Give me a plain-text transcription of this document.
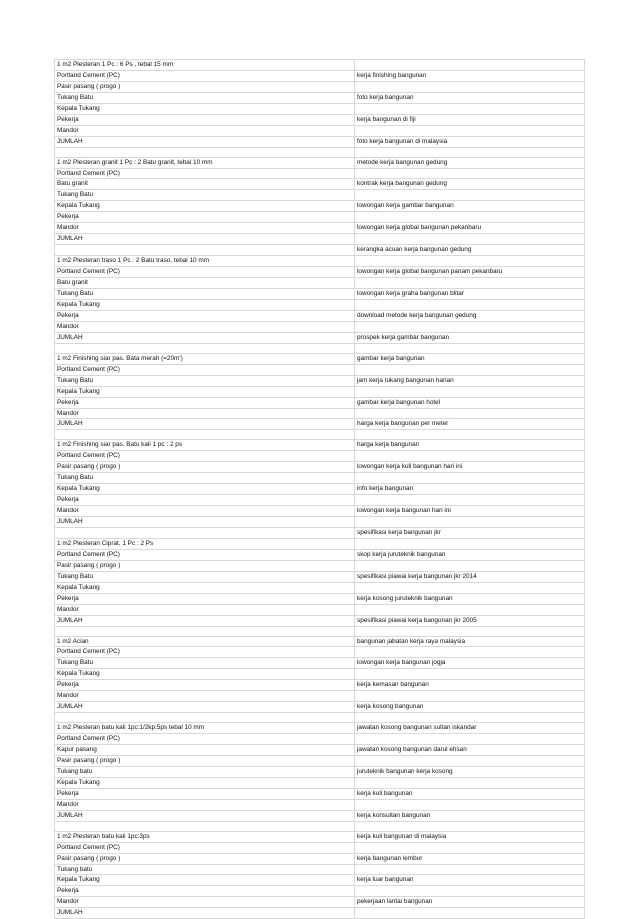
1 m2 Plesteran 1 Pc : 6 Ps , tebal 15 mm	
Portland Cement (PC)	kerja finishing bangunan
Pasir pasang ( progo )	
Tukang Batu	foto kerja bangunan
Kepala Tukang	
Pekerja	kerja bangunan di fiji
Mandor	
JUMLAH	foto kerja bangunan di malaysia

1 m2 Plesteran granit 1 Pc : 2 Batu granit, tebal 10 mm	metode kerja bangunan gedung
Portland Cement (PC)	
Batu granit	kontrak kerja bangunan gedung
Tukang Batu	
Kepala Tukang	lowongan kerja gambar bangunan
Pekerja	
Mandor	lowongan kerja global bangunan pekanbaru
JUMLAH	
	kerangka acuan kerja bangunan gedung
1 m2 Plesteran traso 1 Pc : 2 Batu traso, tebal 10 mm	
Portland Cement (PC)	lowongan kerja global bangunan panam pekanbaru
Batu granit	
Tukang Batu	lowongan kerja graha bangunan blitar
Kepala Tukang	
Pekerja	download metode kerja bangunan gedung
Mandor	
JUMLAH	prospek kerja gambar bangunan

1 m2 Finishing siar pas. Bata merah (=20m')	gambar kerja bangunan
Portland Cement (PC)	
Tukang Batu	jam kerja tukang bangunan harian
Kepala Tukang	
Pekerja	gambar kerja bangunan hotel
Mandor	
JUMLAH	harga kerja bangunan per meter

1 m2 Finishing siar pas. Batu kali 1 pc : 2 ps	harga kerja bangunan
Portland Cement (PC)	
Pasir pasang ( progo )	lowongan kerja kuli bangunan hari ini
Tukang Batu	
Kepala Tukang	info kerja bangunan
Pekerja	
Mandor	lowongan kerja bangunan hari ini
JUMLAH	
	spesifikasi kerja bangunan jkr
1 m2 Plesteran Ciprat, 1 Pc : 2 Ps	
Portland Cement (PC)	skop kerja juruteknik bangunan
Pasir pasang ( progo )	
Tukang Batu	spesifikasi piawai kerja bangunan jkr 2014
Kepala Tukang	
Pekerja	kerja kosong juruteknik bangunan
Mandor	
JUMLAH	spesifikasi piawai kerja bangunan jkr 2005

1 m2 Acian	bangunan jabatan kerja raya malaysia
Portland Cement (PC)	
Tukang Batu	lowongan kerja bangunan jogja
Kepala Tukang	
Pekerja	kerja kemasan bangunan
Mandor	
JUMLAH	kerja kosong bangunan

1 m2 Plesteran batu kali 1pc:1/2kp:5ps tebal 10 mm	jawatan kosong bangunan sultan iskandar
Portland Cement (PC)	
Kapur pasang	jawatan kosong bangunan darul ehsan
Pasir pasang ( progo )	
Tukang batu	juruteknik bangunan kerja kosong
Kepala Tukang	
Pekerja	kerja kuli bangunan
Mandor	
JUMLAH	kerja konsultan bangunan

1 m2 Plesteran batu kali 1pc:3ps	kerja kuli bangunan di malaysia
Portland Cement (PC)	
Pasir pasang ( progo )	kerja bangunan lembur
Tukang batu	
Kepala Tukang	kerja luar bangunan
Pekerja	
Mandor	pekerjaan lantai bangunan
JUMLAH	
